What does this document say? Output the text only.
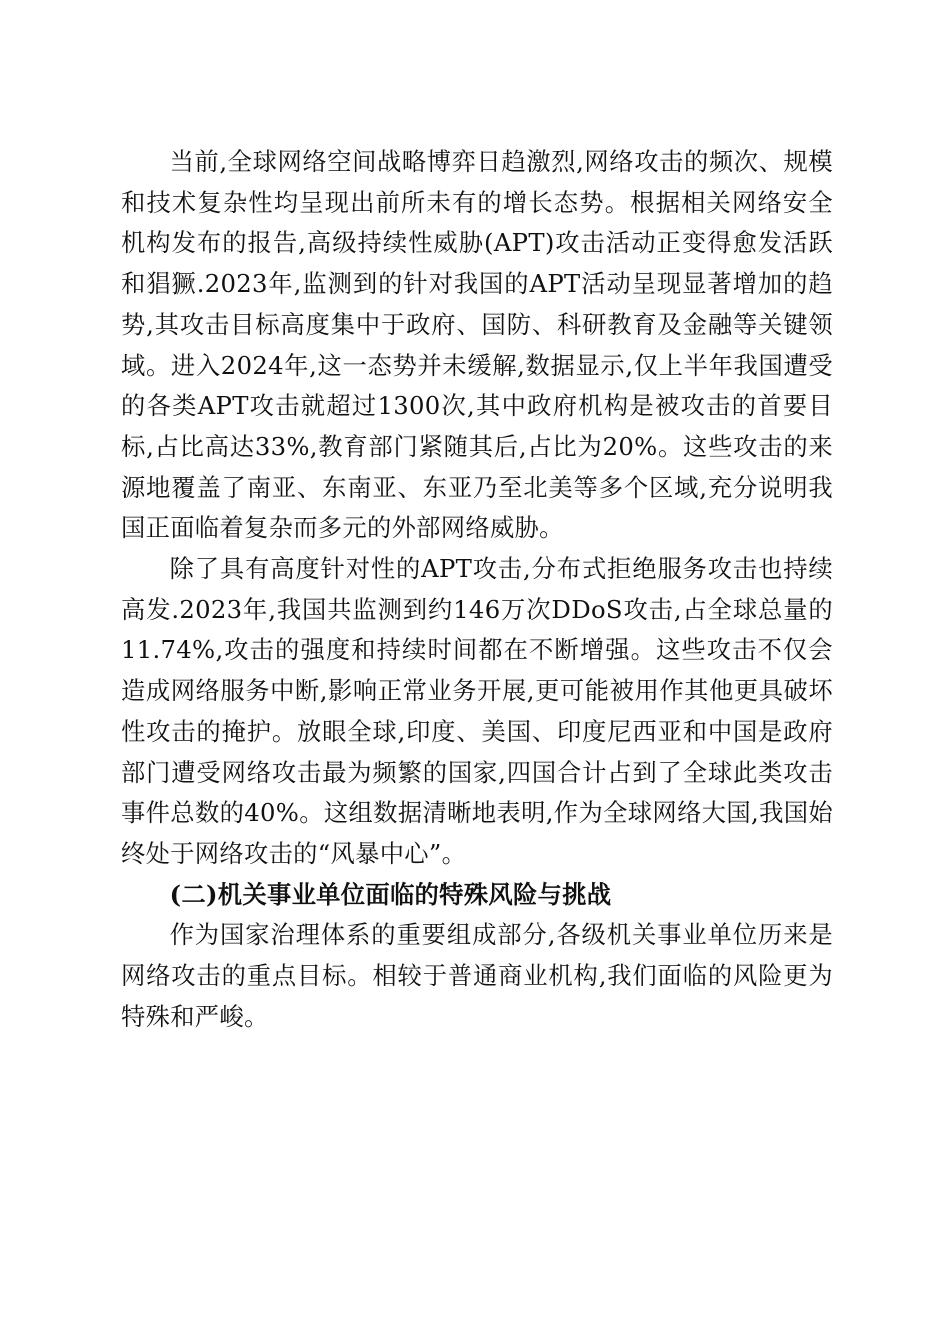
当前,全球网络空间战略博弈日趋激烈,网络攻击的频次、规模和技术复杂性均呈现出前所未有的增长态势。根据相关网络安全机构发布的报告,高级持续性威胁(APT)攻击活动正变得愈发活跃和猖獗.2023年,监测到的针对我国的APT活动呈现显著增加的趋势,其攻击目标高度集中于政府、国防、科研教育及金融等关键领域。进入2024年,这一态势并未缓解,数据显示,仅上半年我国遭受的各类APT攻击就超过1300次,其中政府机构是被攻击的首要目标,占比高达33%,教育部门紧随其后,占比为20%。这些攻击的来源地覆盖了南亚、东南亚、东亚乃至北美等多个区域,充分说明我国正面临着复杂而多元的外部网络威胁。

除了具有高度针对性的APT攻击,分布式拒绝服务攻击也持续高发.2023年,我国共监测到约146万次DDoS攻击,占全球总量的11.74%,攻击的强度和持续时间都在不断增强。这些攻击不仅会造成网络服务中断,影响正常业务开展,更可能被用作其他更具破坏性攻击的掩护。放眼全球,印度、美国、印度尼西亚和中国是政府部门遭受网络攻击最为频繁的国家,四国合计占到了全球此类攻击事件总数的40%。这组数据清晰地表明,作为全球网络大国,我国始终处于网络攻击的“风暴中心”。

(二)机关事业单位面临的特殊风险与挑战

作为国家治理体系的重要组成部分,各级机关事业单位历来是网络攻击的重点目标。相较于普通商业机构,我们面临的风险更为特殊和严峻。
